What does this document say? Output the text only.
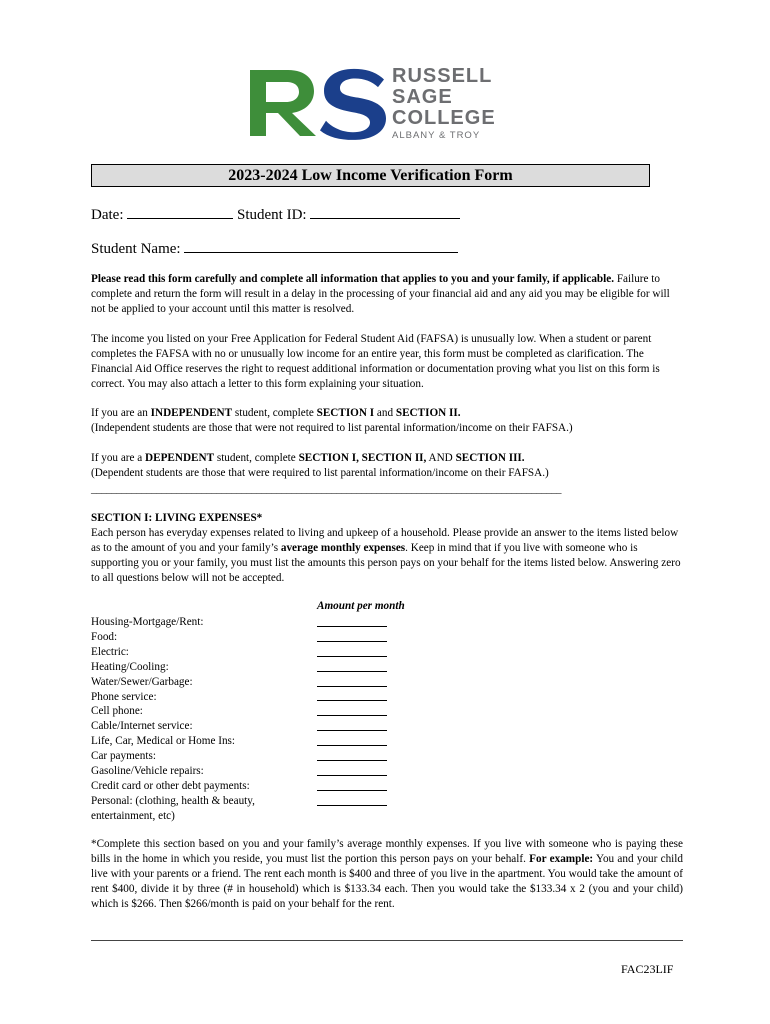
RUSSELL
SAGE
COLLEGE
ALBANY & TROY
2023-2024 Low Income Verification Form
Date:	Student ID:
Student Name:

Please read this form carefully and complete all information that applies to you and your family, if applicable. Failure to complete and return the form will result in a delay in the processing of your financial aid and any aid you may be eligible for will not be applied to your account until this matter is resolved.

The income you listed on your Free Application for Federal Student Aid (FAFSA) is unusually low. When a student or parent completes the FAFSA with no or unusually low income for an entire year, this form must be completed as clarification. The Financial Aid Office reserves the right to request additional information or documentation proving what you list on this form is correct. You may also attach a letter to this form explaining your situation.

If you are an INDEPENDENT student, complete SECTION I and SECTION II.

(Independent students are those that were not required to list parental information/income on their FAFSA.)

If you are a DEPENDENT student, complete SECTION I, SECTION II, AND SECTION III.

(Dependent students are those that were required to list parental information/income on their FAFSA.)

______________________________________________________________________________________________

SECTION I: LIVING EXPENSES*

Each person has everyday expenses related to living and upkeep of a household. Please provide an answer to the items listed below as to the amount of you and your family’s average monthly expenses. Keep in mind that if you live with someone who is supporting you or your family, you must list the amounts this person pays on your behalf for the items listed below. Answering zero to all questions below will not be accepted.

Amount per month
Housing-Mortgage/Rent:
Food:
Electric:
Heating/Cooling:
Water/Sewer/Garbage:
Phone service:
Cell phone:
Cable/Internet service:
Life, Car, Medical or Home Ins:
Car payments:
Gasoline/Vehicle repairs:
Credit card or other debt payments:
Personal: (clothing, health & beauty,
entertainment, etc)

*Complete this section based on you and your family’s average monthly expenses. If you live with someone who is paying these bills in the home in which you reside, you must list the portion this person pays on your behalf. For example: You and your child live with your parents or a friend. The rent each month is $400 and three of you live in the apartment. You would take the amount of rent $400, divide it by three (# in household) which is $133.34 each. Then you would take the $133.34 x 2 (you and your child) which is $266. Then $266/month is paid on your behalf for the rent.

FAC23LIF
